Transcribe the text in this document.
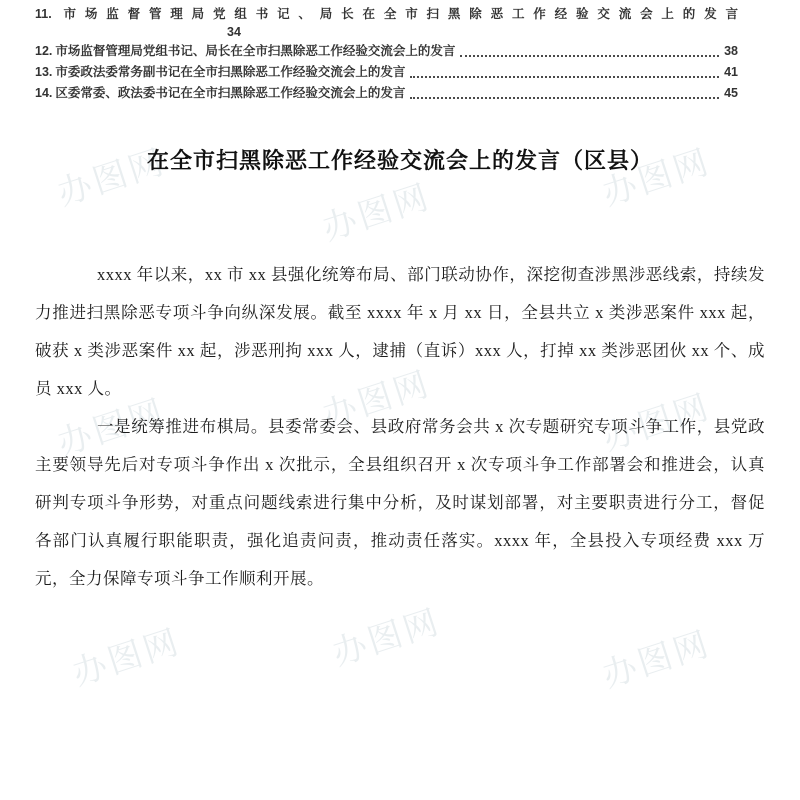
办图网	办图网	办图网
办图网	办图网	办图网
办图网	办图网	办图网
11. 市场监督管理局党组书记、局长在全市扫黑除恶工作经验交流会上的发言
34
12. 市场监督管理局党组书记、局长在全市扫黑除恶工作经验交流会上的发言	38
13. 市委政法委常务副书记在全市扫黑除恶工作经验交流会上的发言	41
14. 区委常委、政法委书记在全市扫黑除恶工作经验交流会上的发言	45
在全市扫黑除恶工作经验交流会上的发言（区县）

xxxx 年以来，xx 市 xx 县强化统筹布局、部门联动协作，深挖彻查涉黑涉恶线索，持续发力推进扫黑除恶专项斗争向纵深发展。截至 xxxx 年 x 月 xx 日，全县共立 x 类涉恶案件 xxx 起，破获 x 类涉恶案件 xx 起，涉恶刑拘 xxx 人，逮捕（直诉）xxx 人，打掉 xx 类涉恶团伙 xx 个、成员 xxx 人。

一是统筹推进布棋局。县委常委会、县政府常务会共 x 次专题研究专项斗争工作，县党政主要领导先后对专项斗争作出 x 次批示，全县组织召开 x 次专项斗争工作部署会和推进会，认真研判专项斗争形势，对重点问题线索进行集中分析，及时谋划部署，对主要职责进行分工，督促各部门认真履行职能职责，强化追责问责，推动责任落实。xxxx 年，全县投入专项经费 xxx 万元，全力保障专项斗争工作顺利开展。
